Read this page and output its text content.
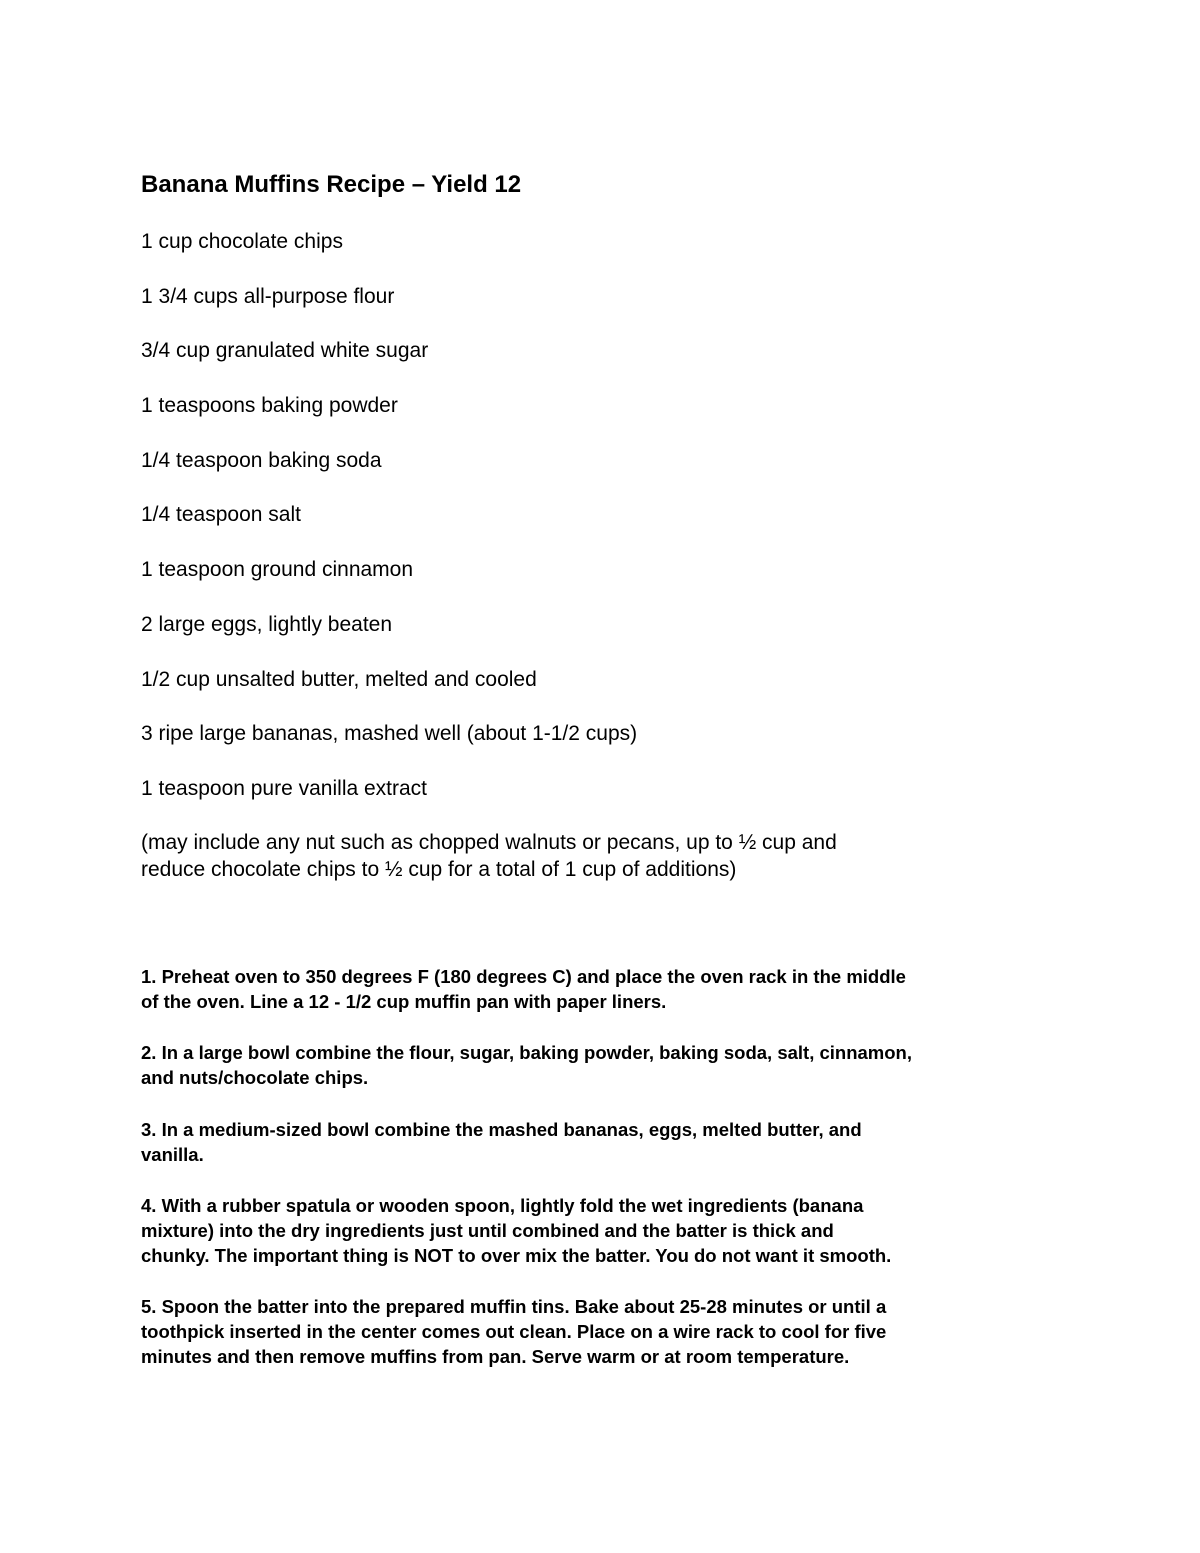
Banana Muffins Recipe – Yield 12
1 cup chocolate chips
1 3/4 cups all-purpose flour
3/4 cup granulated white sugar
1 teaspoons baking powder
1/4 teaspoon baking soda
1/4 teaspoon salt
1 teaspoon ground cinnamon
2 large eggs, lightly beaten
1/2 cup unsalted butter, melted and cooled
3 ripe large bananas, mashed well (about 1-1/2 cups)
1 teaspoon pure vanilla extract

(may include any nut such as chopped walnuts or pecans, up to ½ cup and
reduce chocolate chips to ½ cup for a total of 1 cup of additions)

1. Preheat oven to 350 degrees F (180 degrees C) and place the oven rack in the middle
of the oven. Line a 12 - 1/2 cup muffin pan with paper liners.
2. In a large bowl combine the flour, sugar, baking powder, baking soda, salt, cinnamon,
and nuts/chocolate chips.
3. In a medium-sized bowl combine the mashed bananas, eggs, melted butter, and
vanilla.
4. With a rubber spatula or wooden spoon, lightly fold the wet ingredients (banana
mixture) into the dry ingredients just until combined and the batter is thick and
chunky. The important thing is NOT to over mix the batter. You do not want it smooth.
5. Spoon the batter into the prepared muffin tins. Bake about 25-28 minutes or until a
toothpick inserted in the center comes out clean. Place on a wire rack to cool for five
minutes and then remove muffins from pan. Serve warm or at room temperature.
